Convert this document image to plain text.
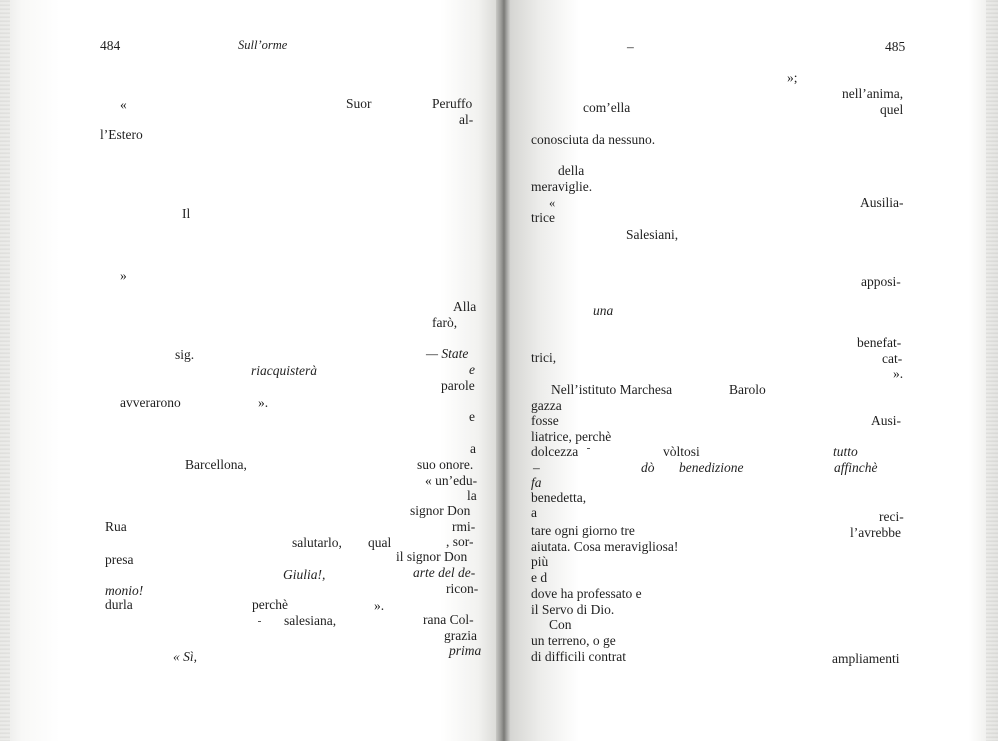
484	Sull’orme
«	Suor	Peruffo
al-
l’Estero
Il
»
Alla
farò,
sig.	— State
riacquisterà	e
parole
avverarono	».
e
a
Barcellona,	suo onore.
« un’edu-
la
signor Don
Rua	rmi-
salutarlo, qual	, sor-
il signor Don
presa
Giulia!,	arte del de-
monio!	ricon-
durla	perchè	».
salesiana,	rana Col-
grazia
« Sì,	prima
485
–
»;
nell’anima,
com’ella	quel
conosciuta da nessuno.
della
meraviglie.
«	Ausilia-
trice
Salesiani,
apposi-
una
benefat-
cat-
trici,
».
Nell’istituto Marchesa	Barolo
gazza
fosse	Ausi-
liatrice, perchè
dolcezza	vòltosi	tutto
–	dò benedizione	affinchè
fa
benedetta,
a	reci-
tare ogni giorno tre	l’avrebbe
aiutata. Cosa meravigliosa!
più
e d
dove ha professato e
il Servo di Dio.
Con
un terreno, o ge
di difficili contrat	ampliamenti
